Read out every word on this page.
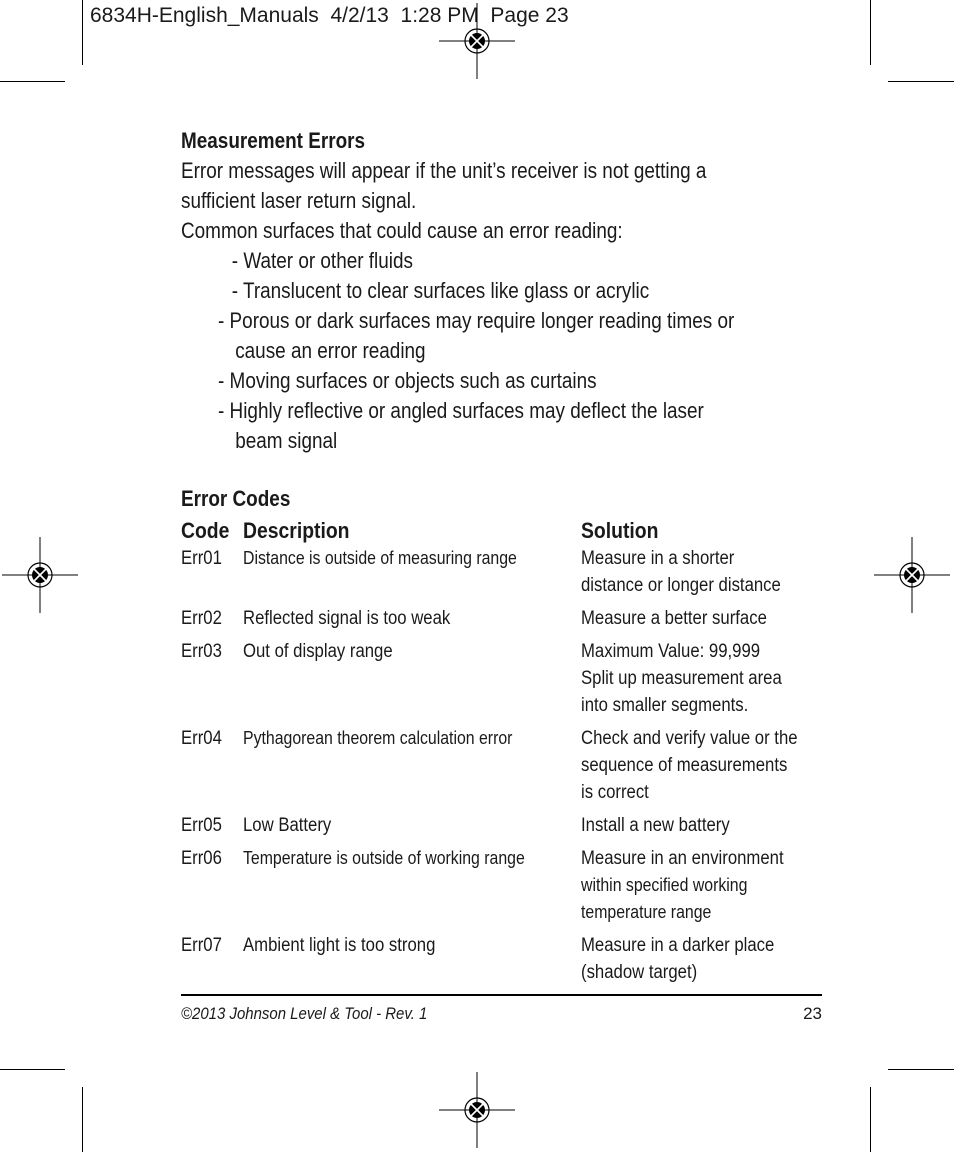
6834H-English_Manuals  4/2/13  1:28 PM  Page 23
Measurement Errors
Error messages will appear if the unit’s receiver is not getting a
sufficient laser return signal.
Common surfaces that could cause an error reading:
- Water or other fluids
- Translucent to clear surfaces like glass or acrylic
- Porous or dark surfaces may require longer reading times or
cause an error reading
- Moving surfaces or objects such as curtains
- Highly reflective or angled surfaces may deflect the laser
beam signal
Error Codes
Code	Description	Solution
Err01	Distance is outside of measuring range	Measure in a shorter
distance or longer distance

Err02	Reflected signal is too weak	Measure a better surface

Err03	Out of display range	Maximum Value: 99,999
Split up measurement area
into smaller segments.

Err04	Pythagorean theorem calculation error	Check and verify value or the
sequence of measurements
is correct

Err05	Low Battery	Install a new battery

Err06	Temperature is outside of working range	Measure in an environment
within specified working
temperature range

Err07	Ambient light is too strong	Measure in a darker place
(shadow target)
©2013 Johnson Level & Tool - Rev. 1	23
